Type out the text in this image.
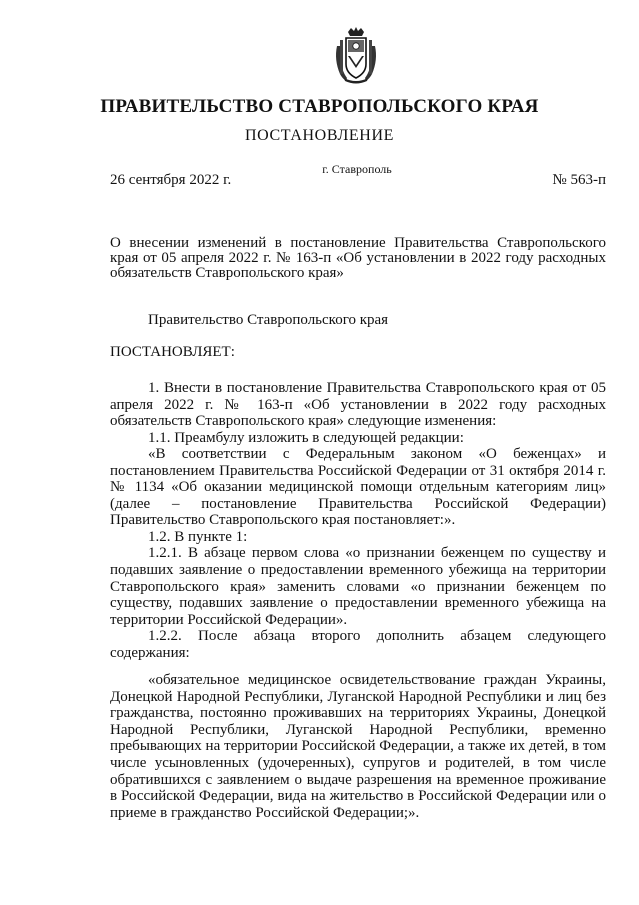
ПРАВИТЕЛЬСТВО СТАВРОПОЛЬСКОГО КРАЯ
ПОСТАНОВЛЕНИЕ
26 сентября 2022 г.
г. Ставрополь
№ 563-п
О внесении изменений в постановление Правительства Ставропольского края от 05 апреля 2022 г. № 163-п «Об установлении в 2022 году расходных обязательств Ставропольского края»
Правительство Ставропольского края
ПОСТАНОВЛЯЕТ:

1. Внести в постановление Правительства Ставропольского края от 05 апреля 2022 г. № 163-п «Об установлении в 2022 году расходных обязательств Ставропольского края» следующие изменения:

1.1. Преамбулу изложить в следующей редакции:

«В соответствии с Федеральным законом «О беженцах» и постановлением Правительства Российской Федерации от 31 октября 2014 г. № 1134 «Об оказании медицинской помощи отдельным категориям лиц» (далее – постановление Правительства Российской Федерации) Правительство Ставропольского края постановляет:».

1.2. В пункте 1:

1.2.1. В абзаце первом слова «о признании беженцем по существу и подавших заявление о предоставлении временного убежища на территории Ставропольского края» заменить словами «о признании беженцем по существу, подавших заявление о предоставлении временного убежища на территории Российской Федерации».

1.2.2. После абзаца второго дополнить абзацем следующего содержания:

«обязательное медицинское освидетельствование граждан Украины, Донецкой Народной Республики, Луганской Народной Республики и лиц без гражданства, постоянно проживавших на территориях Украины, Донецкой Народной Республики, Луганской Народной Республики, временно пребывающих на территории Российской Федерации, а также их детей, в том числе усыновленных (удочеренных), супругов и родителей, в том числе обратившихся с заявлением о выдаче разрешения на временное проживание в Российской Федерации, вида на жительство в Российской Федерации или о приеме в гражданство Российской Федерации;».
